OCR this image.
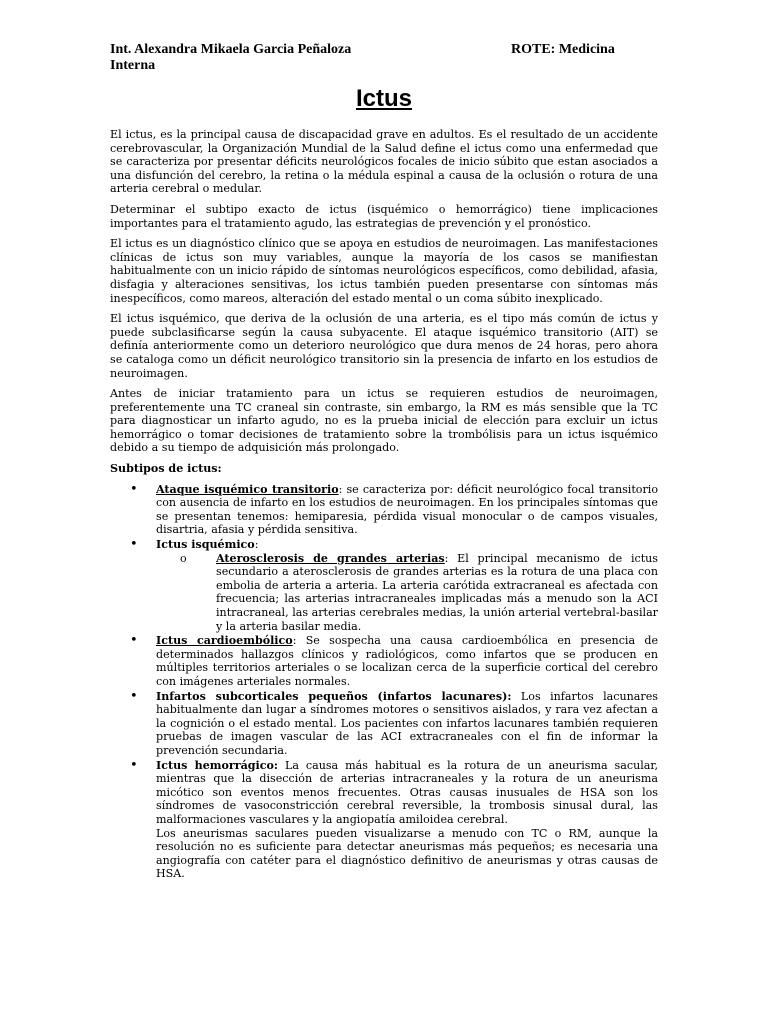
Int. Alexandra Mikaela Garcia Peñaloza	ROTE: Medicina
Interna
Ictus

El ictus, es la principal causa de discapacidad grave en adultos. Es el resultado de un accidente cerebrovascular, la Organización Mundial de la Salud define el ictus como una enfermedad que se caracteriza por presentar déficits neurológicos focales de inicio súbito que estan asociados a una disfunción del cerebro, la retina o la médula espinal a causa de la oclusión o rotura de una arteria cerebral o medular.

Determinar el subtipo exacto de ictus (isquémico o hemorrágico) tiene implicaciones importantes para el tratamiento agudo, las estrategias de prevención y el pronóstico.

El ictus es un diagnóstico clínico que se apoya en estudios de neuroimagen. Las manifestaciones clínicas de ictus son muy variables, aunque la mayoría de los casos se manifiestan habitualmente con un inicio rápido de síntomas neurológicos específicos, como debilidad, afasia, disfagia y alteraciones sensitivas, los ictus también pueden presentarse con síntomas más inespecíficos, como mareos, alteración del estado mental o un coma súbito inexplicado.

El ictus isquémico, que deriva de la oclusión de una arteria, es el tipo más común de ictus y puede subclasificarse según la causa subyacente. El ataque isquémico transitorio (AIT) se definía anteriormente como un deterioro neurológico que dura menos de 24 horas, pero ahora se cataloga como un déficit neurológico transitorio sin la presencia de infarto en los estudios de neuroimagen.

Antes de iniciar tratamiento para un ictus se requieren estudios de neuroimagen, preferentemente una TC craneal sin contraste, sin embargo, la RM es más sensible que la TC para diagnosticar un infarto agudo, no es la prueba inicial de elección para excluir un ictus hemorrágico o tomar decisiones de tratamiento sobre la trombólisis para un ictus isquémico debido a su tiempo de adquisición más prolongado.

Subtipos de ictus:

• Ataque isquémico transitorio: se caracteriza por: déficit neurológico focal transitorio con ausencia de infarto en los estudios de neuroimagen. En los principales síntomas que se presentan tenemos: hemiparesia, pérdida visual monocular o de campos visuales, disartria, afasia y pérdida sensitiva.
• Ictus isquémico:
o Aterosclerosis de grandes arterias: El principal mecanismo de ictus secundario a aterosclerosis de grandes arterias es la rotura de una placa con embolia de arteria a arteria. La arteria carótida extracraneal es afectada con frecuencia; las arterias intracraneales implicadas más a menudo son la ACI intracraneal, las arterias cerebrales medias, la unión arterial vertebral-basilar y la arteria basilar media.
• Ictus cardioembólico: Se sospecha una causa cardioembólica en presencia de determinados hallazgos clínicos y radiológicos, como infartos que se producen en múltiples territorios arteriales o se localizan cerca de la superficie cortical del cerebro con imágenes arteriales normales.
• Infartos subcorticales pequeños (infartos lacunares): Los infartos lacunares habitualmente dan lugar a síndromes motores o sensitivos aislados, y rara vez afectan a la cognición o el estado mental. Los pacientes con infartos lacunares también requieren pruebas de imagen vascular de las ACI extracraneales con el fin de informar la prevención secundaria.
• Ictus hemorrágico: La causa más habitual es la rotura de un aneurisma sacular, mientras que la disección de arterias intracraneales y la rotura de un aneurisma micótico son eventos menos frecuentes. Otras causas inusuales de HSA son los síndromes de vasoconstricción cerebral reversible, la trombosis sinusal dural, las malformaciones vasculares y la angiopatía amiloidea cerebral.
Los aneurismas saculares pueden visualizarse a menudo con TC o RM, aunque la resolución no es suficiente para detectar aneurismas más pequeños; es necesaria una angiografía con catéter para el diagnóstico definitivo de aneurismas y otras causas de HSA.
